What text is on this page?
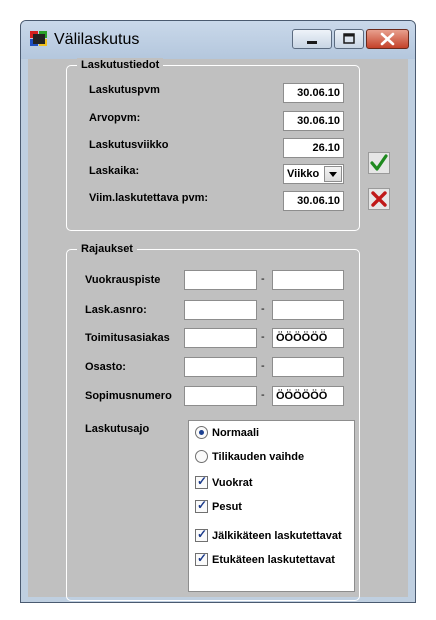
Välilaskutus
Laskutustiedot
Laskutuspvm	30.06.10
Arvopvm:	30.06.10
Laskutusviikko	26.10
Laskaika:	Viikko
Viim.laskutettava pvm:	30.06.10
Rajaukset
Vuokrauspiste	-
Lask.asnro:	-
Toimitusasiakas	-	ÖÖÖÖÖÖ
Osasto:	-
Sopimusnumero	-	ÖÖÖÖÖÖ
Laskutusajo	Normaali
Tilikauden vaihde
✓
Vuokrat
✓
Pesut
✓
Jälkikäteen laskutettavat
✓
Etukäteen laskutettavat
